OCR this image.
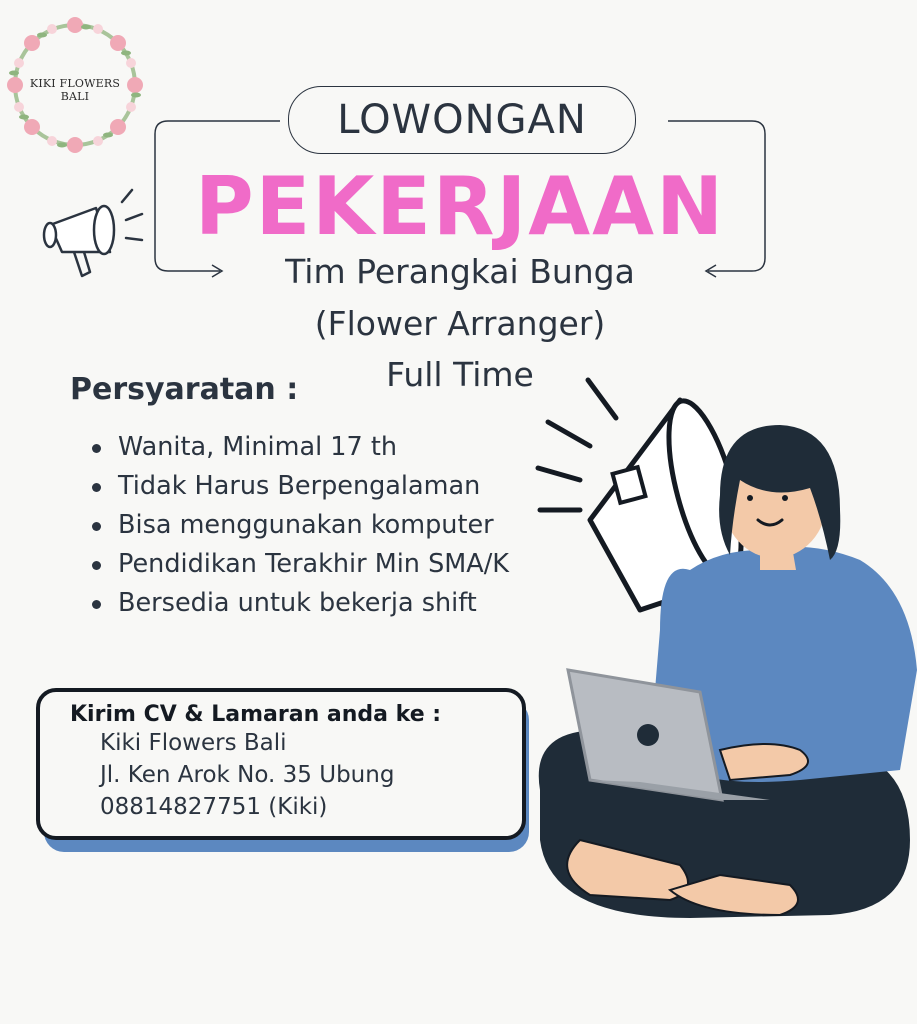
KIKI FLOWERS
BALI
LOWONGAN
PEKERJAAN
Tim Perangkai Bunga
(Flower Arranger)
Full Time
Persyaratan :
Wanita, Minimal 17 th
Tidak Harus Berpengalaman
Bisa menggunakan komputer
Pendidikan Terakhir Min SMA/K
Bersedia untuk bekerja shift
Kirim CV & Lamaran anda ke :
Kiki Flowers Bali
Jl. Ken Arok No. 35 Ubung
08814827751 (Kiki)
